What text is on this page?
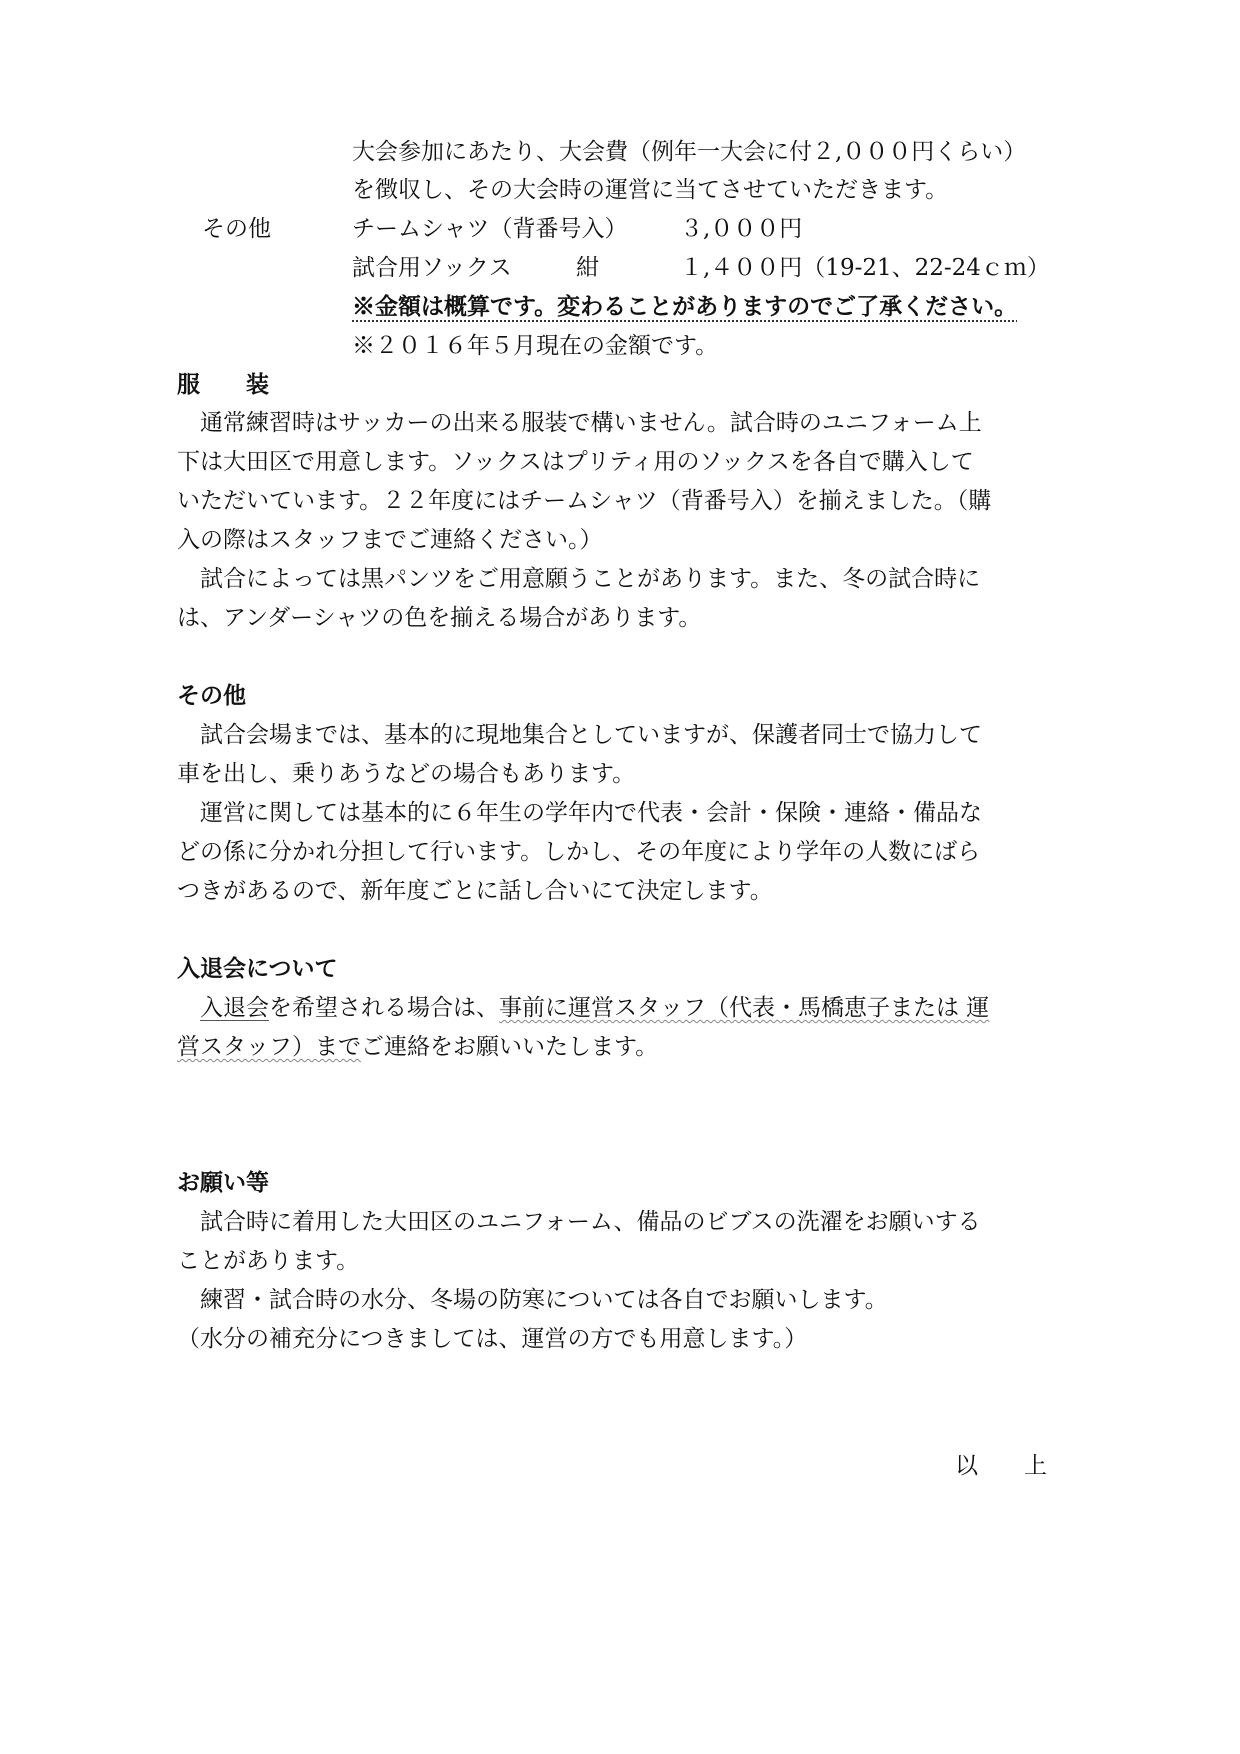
大会参加にあたり、大会費（例年一大会に付２,０００円くらい）
を徴収し、その大会時の運営に当てさせていただきます。
その他	チームシャツ（背番号入） ３,０００円
試合用ソックス	紺	１,４００円（19-21、22-24ｃｍ）
※金額は概算です。変わることがありますのでご了承ください。
※２０１６年５月現在の金額です。
服　　装
　通常練習時はサッカーの出来る服装で構いません。試合時のユニフォーム上
下は大田区で用意します。ソックスはプリティ用のソックスを各自で購入して
いただいています。２２年度にはチームシャツ（背番号入）を揃えました。（購
入の際はスタッフまでご連絡ください。）
　試合によっては黒パンツをご用意願うことがあります。また、冬の試合時に
は、アンダーシャツの色を揃える場合があります。
その他
　試合会場までは、基本的に現地集合としていますが、保護者同士で協力して
車を出し、乗りあうなどの場合もあります。
　運営に関しては基本的に６年生の学年内で代表・会計・保険・連絡・備品な
どの係に分かれ分担して行います。しかし、その年度により学年の人数にばら
つきがあるので、新年度ごとに話し合いにて決定します。
入退会について
　入退会を希望される場合は、事前に運営スタッフ（代表・馬橋恵子または 運
営スタッフ）までご連絡をお願いいたします。
お願い等
　試合時に着用した大田区のユニフォーム、備品のビブスの洗濯をお願いする
ことがあります。
　練習・試合時の水分、冬場の防寒については各自でお願いします。
（水分の補充分につきましては、運営の方でも用意します。）
以　　上
